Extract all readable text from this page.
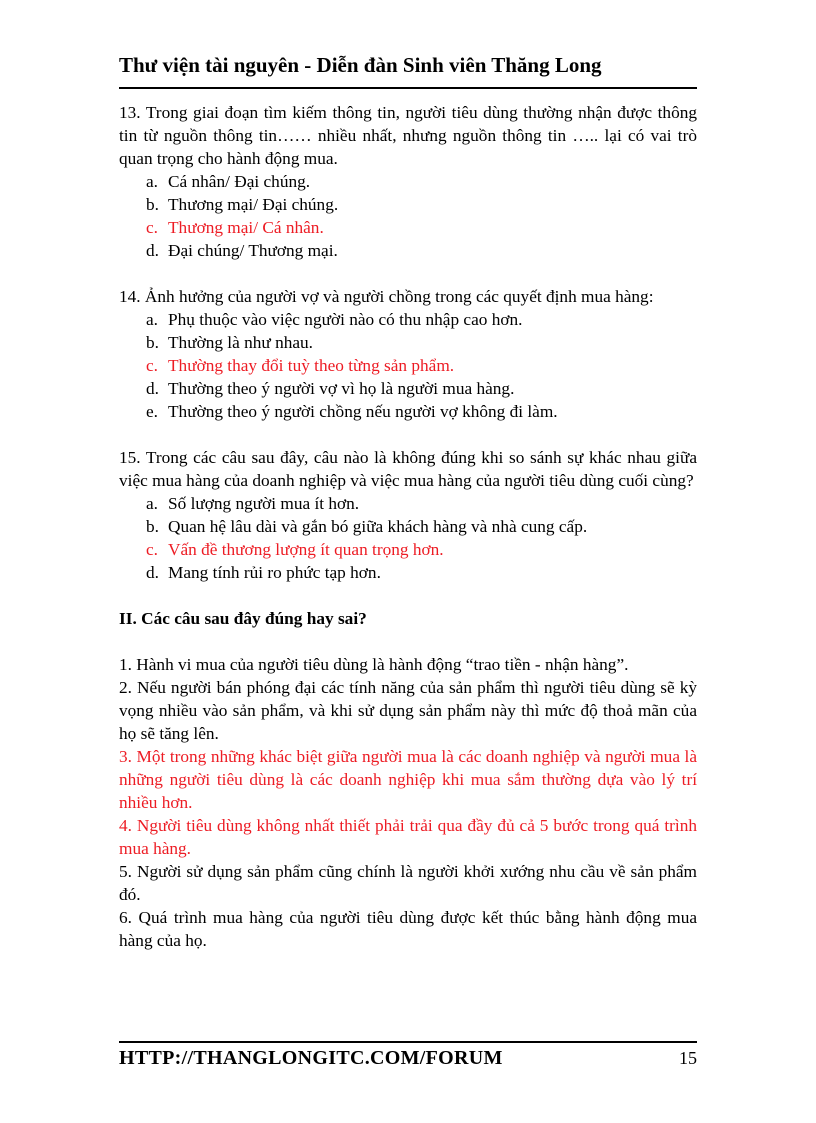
Thư viện tài nguyên - Diễn đàn Sinh viên Thăng Long

13. Trong giai đoạn tìm kiếm thông tin, người tiêu dùng thường nhận được thông tin từ nguồn thông tin…… nhiều nhất, nhưng nguồn thông tin ….. lại có vai trò quan trọng cho hành động mua.

a. Cá nhân/ Đại chúng.
b. Thương mại/ Đại chúng.
c. Thương mại/ Cá nhân.
d. Đại chúng/ Thương mại.

14. Ảnh hưởng của người vợ và người chồng trong các quyết định mua hàng:

a. Phụ thuộc vào việc người nào có thu nhập cao hơn.
b. Thường là như nhau.
c. Thường thay đổi tuỳ theo từng sản phẩm.
d. Thường theo ý người vợ vì họ là người mua hàng.
e. Thường theo ý người chồng nếu người vợ không đi làm.

15. Trong các câu sau đây, câu nào là không đúng khi so sánh sự khác nhau giữa việc mua hàng của doanh nghiệp và việc mua hàng của người tiêu dùng cuối cùng?

a. Số lượng người mua ít hơn.
b. Quan hệ lâu dài và gắn bó giữa khách hàng và nhà cung cấp.
c. Vấn đề thương lượng ít quan trọng hơn.
d. Mang tính rủi ro phức tạp hơn.

II. Các câu sau đây đúng hay sai?

1. Hành vi mua của người tiêu dùng là hành động “trao tiền - nhận hàng”.

2. Nếu người bán phóng đại các tính năng của sản phẩm thì người tiêu dùng sẽ kỳ vọng nhiều vào sản phẩm, và khi sử dụng sản phẩm này thì mức độ thoả mãn của họ sẽ tăng lên.

3. Một trong những khác biệt giữa người mua là các doanh nghiệp và người mua là những người tiêu dùng là các doanh nghiệp khi mua sắm thường dựa vào lý trí nhiều hơn.

4. Người tiêu dùng không nhất thiết phải trải qua đầy đủ cả 5 bước trong quá trình mua hàng.

5. Người sử dụng sản phẩm cũng chính là người khởi xướng nhu cầu về sản phẩm đó.

6. Quá trình mua hàng của người tiêu dùng được kết thúc bằng hành động mua hàng của họ.

HTTP://THANGLONGITC.COM/FORUM	15
